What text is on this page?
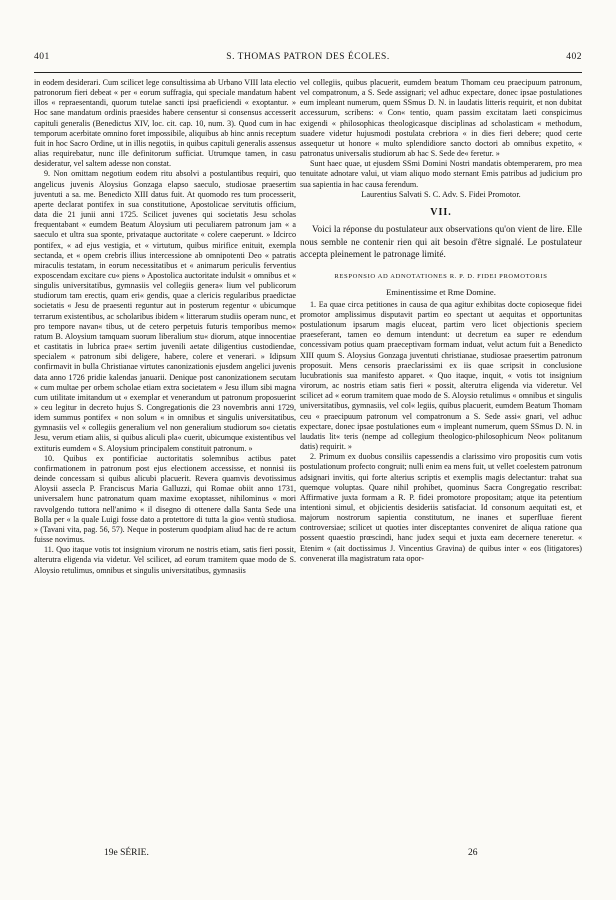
401	S. THOMAS PATRON DES ÉCOLES.	402

in eodem desiderari. Cum scilicet lege consultissima ab Urbano VIII lata electio patronorum fieri debeat « per « eorum suffragia, qui speciale mandatum habent illos « repraesentandi, quorum tutelae sancti ipsi praeficiendi « exoptantur. » Hoc sane mandatum ordinis praesides habere censentur si consensus accesserit capituli generalis (Benedictus XIV, loc. cit. cap. 10, num. 3). Quod cum in hac temporum acerbitate omnino foret impossibile, aliquibus ab hinc annis receptum fuit in hoc Sacro Ordine, ut in illis negotiis, in quibus capituli generalis assensus alias requirebatur, nunc ille definitorum sufficiat. Utrumque tamen, in casu desideratur, vel saltem adesse non constat.

9. Non omittam negotium eodem ritu absolvi a postulantibus requiri, quo angelicus juvenis Aloysius Gonzaga elapso saeculo, studiosae praesertim juventuti a sa. me. Benedicto XIII datus fuit. At quomodo res tum processerit, aperte declarat pontifex in sua constitutione, Apostolicae servitutis officium, data die 21 junii anni 1725. Scilicet juvenes qui societatis Jesu scholas frequentabant « eumdem Beatum Aloysium uti peculiarem patronum jam « a saeculo et ultra sua sponte, privataque auctoritate « colere caeperunt. » Idcirco pontifex, « ad ejus vestigia, et « virtutum, quibus mirifice enituit, exempla sectanda, et « opem crebris illius intercessione ab omnipotenti Deo « patratis miraculis testatam, in eorum necessitatibus et « animarum periculis ferventius exposcendam excitare cu« piens » Apostolica auctoritate indulsit « omnibus et « singulis universitatibus, gymnasiis vel collegiis genera« lium vel publicorum studiorum tam erectis, quam eri« gendis, quae a clericis regularibus praedictae societatis « Jesu de praesenti reguntur aut in posterum regentur « ubicumque terrarum existentibus, ac scholaribus ibidem « litterarum studiis operam nunc, et pro tempore navan« tibus, ut de cetero perpetuis futuris temporibus memo« ratum B. Aloysium tamquam suorum liberalium stu« diorum, atque innocentiae et castitatis in lubrica prae« sertim juvenili aetate diligentius custodiendae, specialem « patronum sibi deligere, habere, colere et venerari. » Idipsum confirmavit in bulla Christianae virtutes canonizationis ejusdem angelici juvenis data anno 1726 pridie kalendas januarii. Denique post canonizationem secutam « cum multae per orbem scholae etiam extra societatem « Jesu illum sibi magna cum utilitate imitandum ut « exemplar et venerandum ut patronum proposuerint » ceu legitur in decreto hujus S. Congregationis die 23 novembris anni 1729, idem summus pontifex « non solum « in omnibus et singulis universitatibus, gymnasiis vel « collegiis generalium vel non generalium studiorum so« cietatis Jesu, verum etiam aliis, si quibus aliculi pla« cuerit, ubicumque existentibus vel extituris eumdem « S. Aloysium principalem constituit patronum. »

10. Quibus ex pontificiae auctoritatis solemnibus actibus patet confirmationem in patronum post ejus electionem accessisse, et nonnisi iis deinde concessam si quibus alicubi placuerit. Revera quamvis devotissimus Aloysii asseclа P. Franciscus Maria Galluzzi, qui Romae obiit anno 1731, universalem hunc patronatum quam maxime exoptasset, nihilominus « mori ravvolgendo tuttora nell'animo « il disegno di ottenere dalla Santa Sede una Bolla per « la quale Luigi fosse dato a protettore di tutta la gio« ventù studiosa. » (Tavani vita, pag. 56, 57). Neque in posterum quodpiam aliud hac de re actum fuisse novimus.

11. Quo itaque votis tot insignium virorum ne nostris etiam, satis fieri possit, alterutra eligenda via videtur. Vel scilicet, ad eorum tramitem quae modo de S. Aloysio retulimus, omnibus et singulis universitatibus, gymnasiis

vel collegiis, quibus placuerit, eumdem beatum Thomam ceu praecipuum patronum, vel compatronum, a S. Sede assignari; vel adhuc expectare, donec ipsae postulationes eum impleant numerum, quem SSmus D. N. in laudatis litteris requirit, et non dubitat accessurum, scribens: « Con« tentio, quam passim excitatam laeti conspicimus exigendi « philosophicas theologicasque disciplinas ad scholasticam « methodum, suadere videtur hujusmodi postulata crebriora « in dies fieri debere; quod certe assequetur ut honore « multo splendidiore sancto doctori ab omnibus expetito, « patronatus universalis studiorum ab hac S. Sede de« feretur. »

Sunt haec quae, ut ejusdem SSmi Domini Nostri mandatis obtemperarem, pro mea tenuitate adnotare valui, ut viam aliquo modo sternant Emis patribus ad judicium pro sua sapientia in hac causa ferendum.

Laurentius Salvati S. C. Adv. S. Fidei Promotor.

VII.

Voici la réponse du postulateur aux observations qu'on vient de lire. Elle nous semble ne contenir rien qui ait besoin d'être signalé. Le postulateur accepta pleinement le patronage limité.

RESPONSIO AD ADNOTATIONES R. P. D. FIDEI PROMOTORIS

Eminentissime et Rme Domine.

1. Ea quae circa petitiones in causa de qua agitur exhibitas docte copioseque fidei promotor amplissimus disputavit partim eo spectant ut aequitas et opportunitas postulationum ipsarum magis eluceat, partim vero licet objectionis speciem praeseferant, tamen eo demum intendunt: ut decretum ea super re edendum concessivam potius quam praeceptivam formam induat, velut actum fuit a Benedicto XIII quum S. Aloysius Gonzaga juventuti christianae, studiosae praesertim patronum proposuit. Mens censoris praeclarissimi ex iis quae scripsit in conclusione lucubrationis sua manifesto apparet. « Quo itaque, inquit, « votis tot insignium virorum, ac nostris etiam satis fieri « possit, alterutra eligenda via videretur. Vel scilicet ad « eorum tramitem quae modo de S. Aloysio retulimus « omnibus et singulis universitatibus, gymnasiis, vel col« legiis, quibus placuerit, eumdem Beatum Thomam ceu « praecipuum patronum vel compatronum a S. Sede assi« gnari, vel adhuc expectare, donec ipsae postulationes eum « impleant numerum, quem SSmus D. N. in laudatis lit« teris (nempe ad collegium theologico-philosophicum Neo« politanum datis) requirit. »

2. Primum ex duobus consiliis capessendis a clarissimo viro propositis cum votis postulationum profecto congruit; nulli enim ea mens fuit, ut vellet coelestem patronum adsignari invitis, qui forte alterius scriptis et exemplis magis delectantur: trahat sua quemque voluptas. Quare nihil prohibet, quominus Sacra Congregatio rescribat: Affirmative juxta formam a R. P. fidei promotore propositam; atque ita petentium intentioni simul, et objicientis desideriis satisfaciat. Id consonum aequitati est, et majorum nostrorum sapientia constitutum, ne inanes et superfluae fierent controversiae; scilicet ut quoties inter disceptantes conveniret de aliqua ratione qua possent quaestio prœscindi, hanc judex sequi et juxta eam decernere teneretur. « Etenim « (ait doctissimus J. Vincentius Gravina) de quibus inter « eos (litigatores) convenerat illa magistratum rata opor-

19e SÉRIE.	26
